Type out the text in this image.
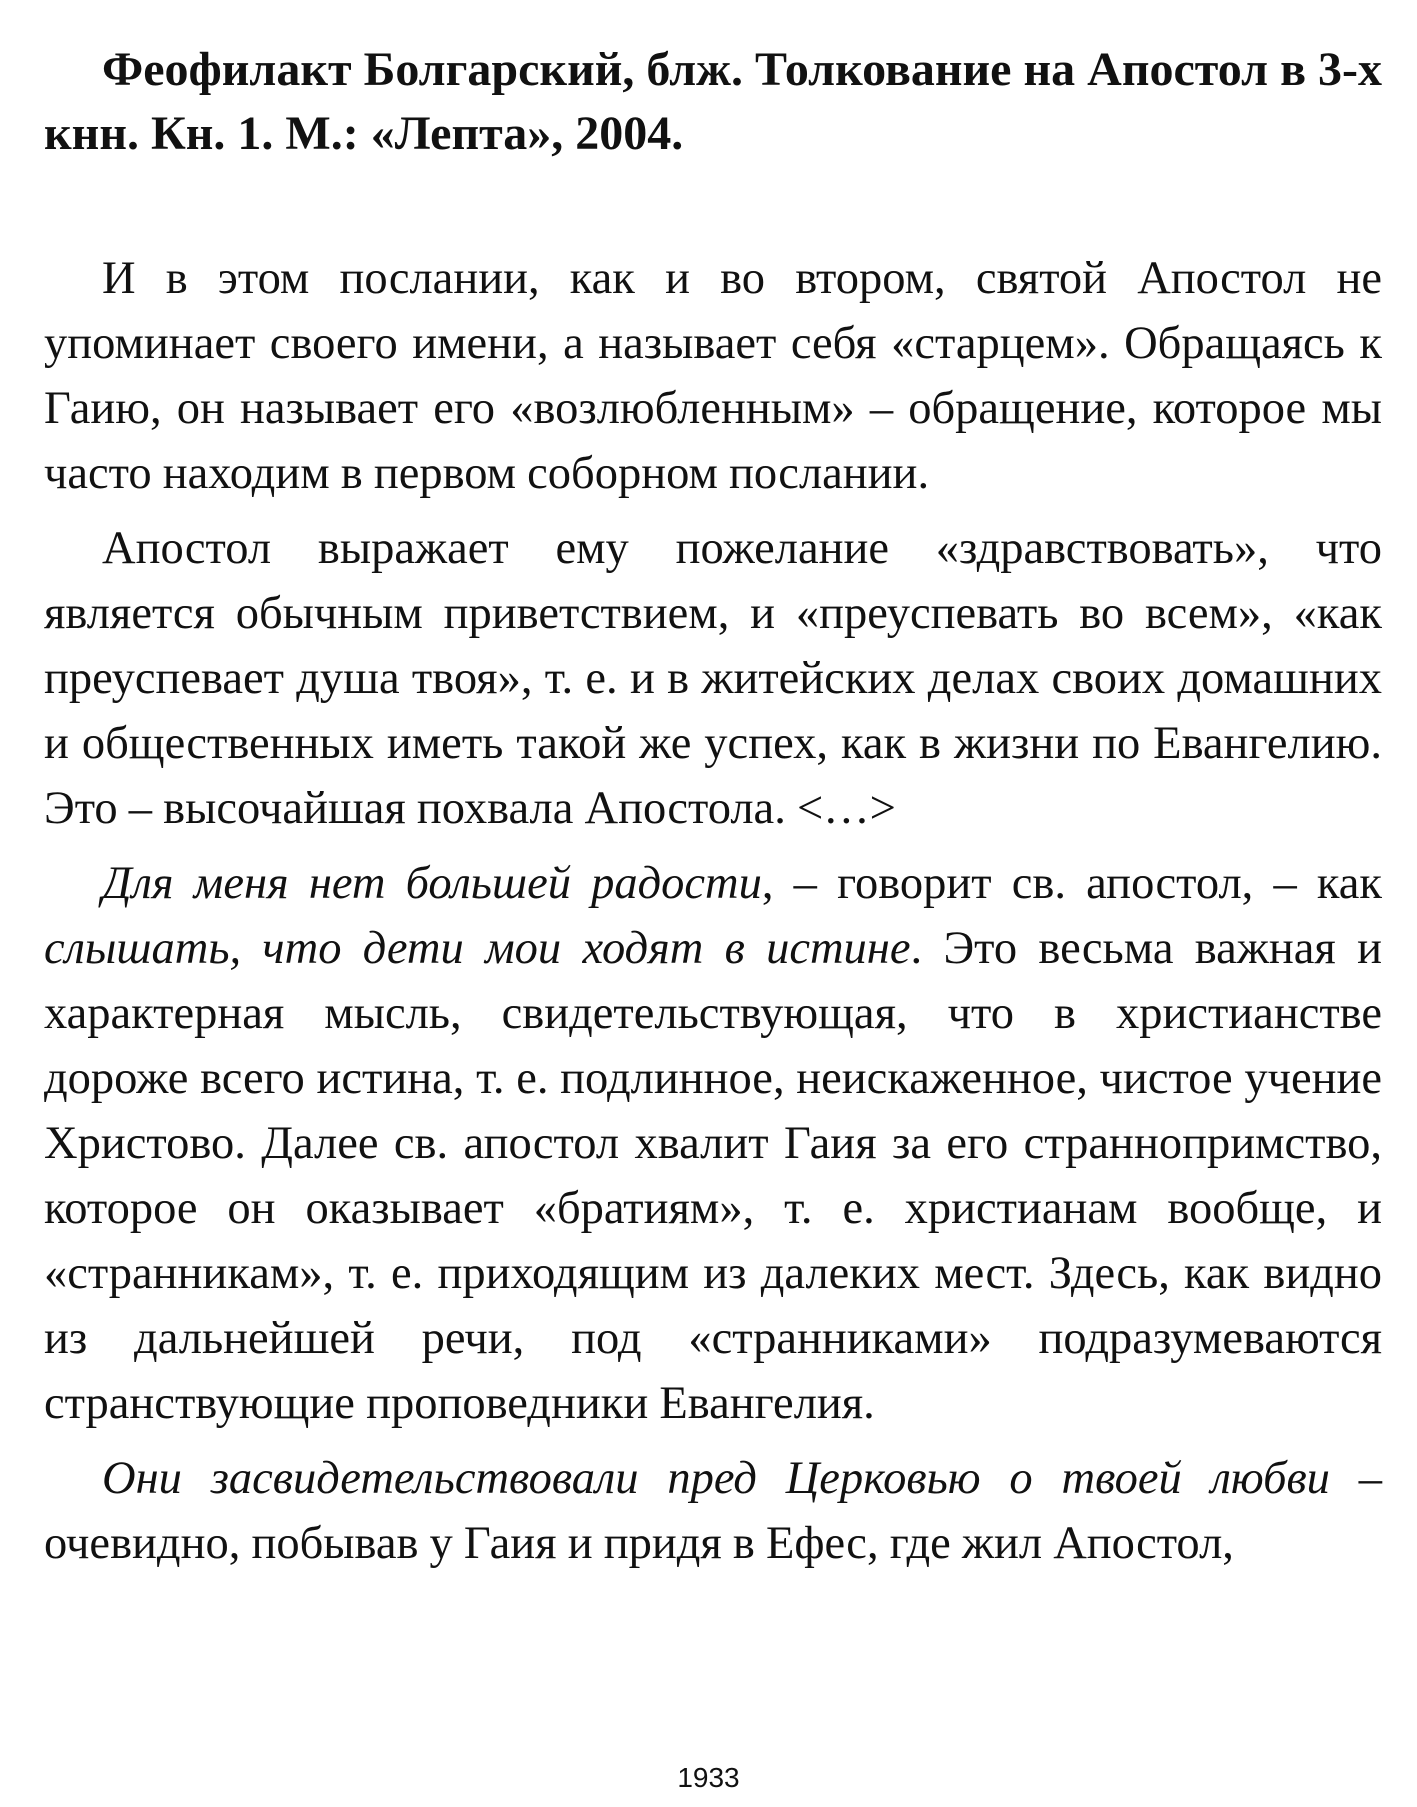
Феофилакт Болгарский, блж. Толкование на Апостол в 3-х кнн. Кн. 1. М.: «Лепта», 2004.

И в этом послании, как и во втором, святой Апостол не упоминает своего имени, а называет себя «старцем». Обращаясь к Гаию, он называет его «возлюбленным» – обращение, которое мы часто находим в первом соборном послании.

Апостол выражает ему пожелание «здравствовать», что является обычным приветствием, и «преуспевать во всем», «как преуспевает душа твоя», т. е. и в житейских делах своих домашних и общественных иметь такой же успех, как в жизни по Евангелию. Это – высочайшая похвала Апостола. <…>

Для меня нет большей радости, – говорит св. апостол, – как слышать, что дети мои ходят в истине. Это весьма важная и характерная мысль, свидетельствующая, что в христианстве дороже всего истина, т. е. подлинное, неискаженное, чистое учение Христово. Далее св. апостол хвалит Гаия за его страннопримство, которое он оказывает «братиям», т. е. христианам вообще, и «странникам», т. е. приходящим из далеких мест. Здесь, как видно из дальнейшей речи, под «странниками» подразумеваются странствующие проповедники Евангелия.

Они засвидетельствовали пред Церковью о твоей любви – очевидно, побывав у Гаия и придя в Ефес, где жил Апостол,

1933
